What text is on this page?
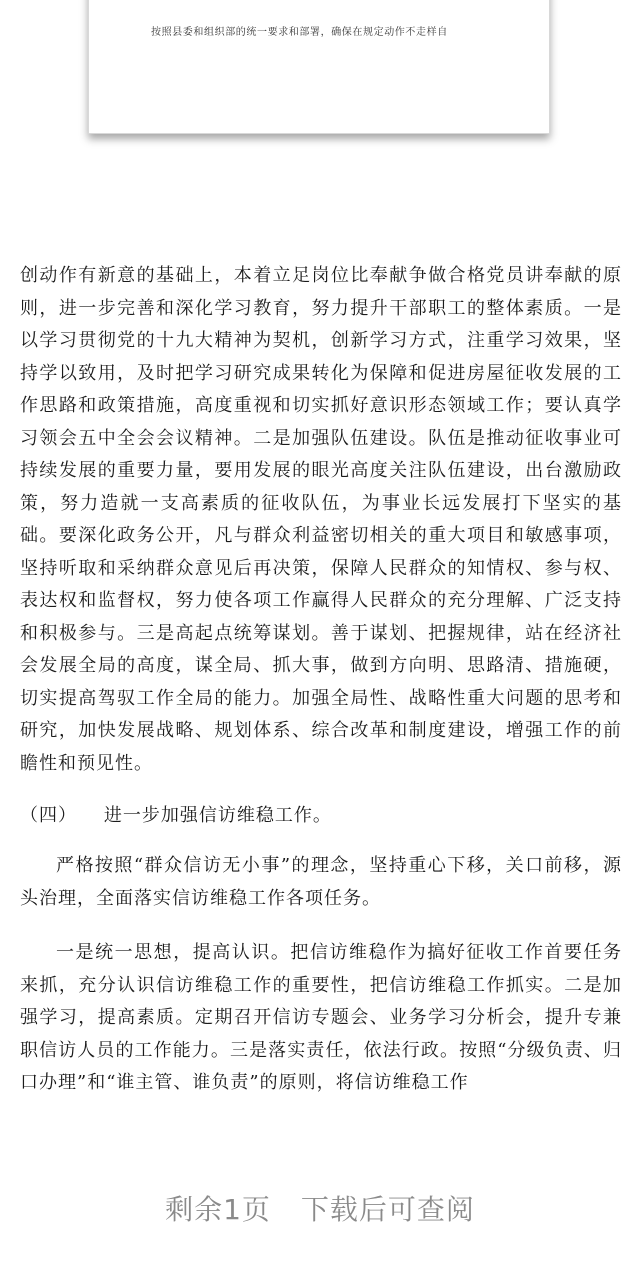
按照县委和组织部的统一要求和部署，确保在规定动作不走样自

创动作有新意的基础上，本着立足岗位比奉献争做合格党员讲奉献的原则，进一步完善和深化学习教育，努力提升干部职工的整体素质。一是以学习贯彻党的十九大精神为契机，创新学习方式，注重学习效果，坚持学以致用，及时把学习研究成果转化为保障和促进房屋征收发展的工作思路和政策措施，高度重视和切实抓好意识形态领域工作；要认真学习领会五中全会会议精神。二是加强队伍建设。队伍是推动征收事业可持续发展的重要力量，要用发展的眼光高度关注队伍建设，出台激励政策，努力造就一支高素质的征收队伍，为事业长远发展打下坚实的基础。要深化政务公开，凡与群众利益密切相关的重大项目和敏感事项，坚持听取和采纳群众意见后再决策，保障人民群众的知情权、参与权、表达权和监督权，努力使各项工作赢得人民群众的充分理解、广泛支持和积极参与。三是高起点统筹谋划。善于谋划、把握规律，站在经济社会发展全局的高度，谋全局、抓大事，做到方向明、思路清、措施硬，切实提高驾驭工作全局的能力。加强全局性、战略性重大问题的思考和研究，加快发展战略、规划体系、综合改革和制度建设，增强工作的前瞻性和预见性。

（四）    进一步加强信访维稳工作。

严格按照“群众信访无小事”的理念，坚持重心下移，关口前移，源头治理，全面落实信访维稳工作各项任务。

一是统一思想，提高认识。把信访维稳作为搞好征收工作首要任务来抓，充分认识信访维稳工作的重要性，把信访维稳工作抓实。二是加强学习，提高素质。定期召开信访专题会、业务学习分析会，提升专兼职信访人员的工作能力。三是落实责任，依法行政。按照“分级负责、归口办理”和“谁主管、谁负责”的原则，将信访维稳工作

剩余1页 下载后可查阅
